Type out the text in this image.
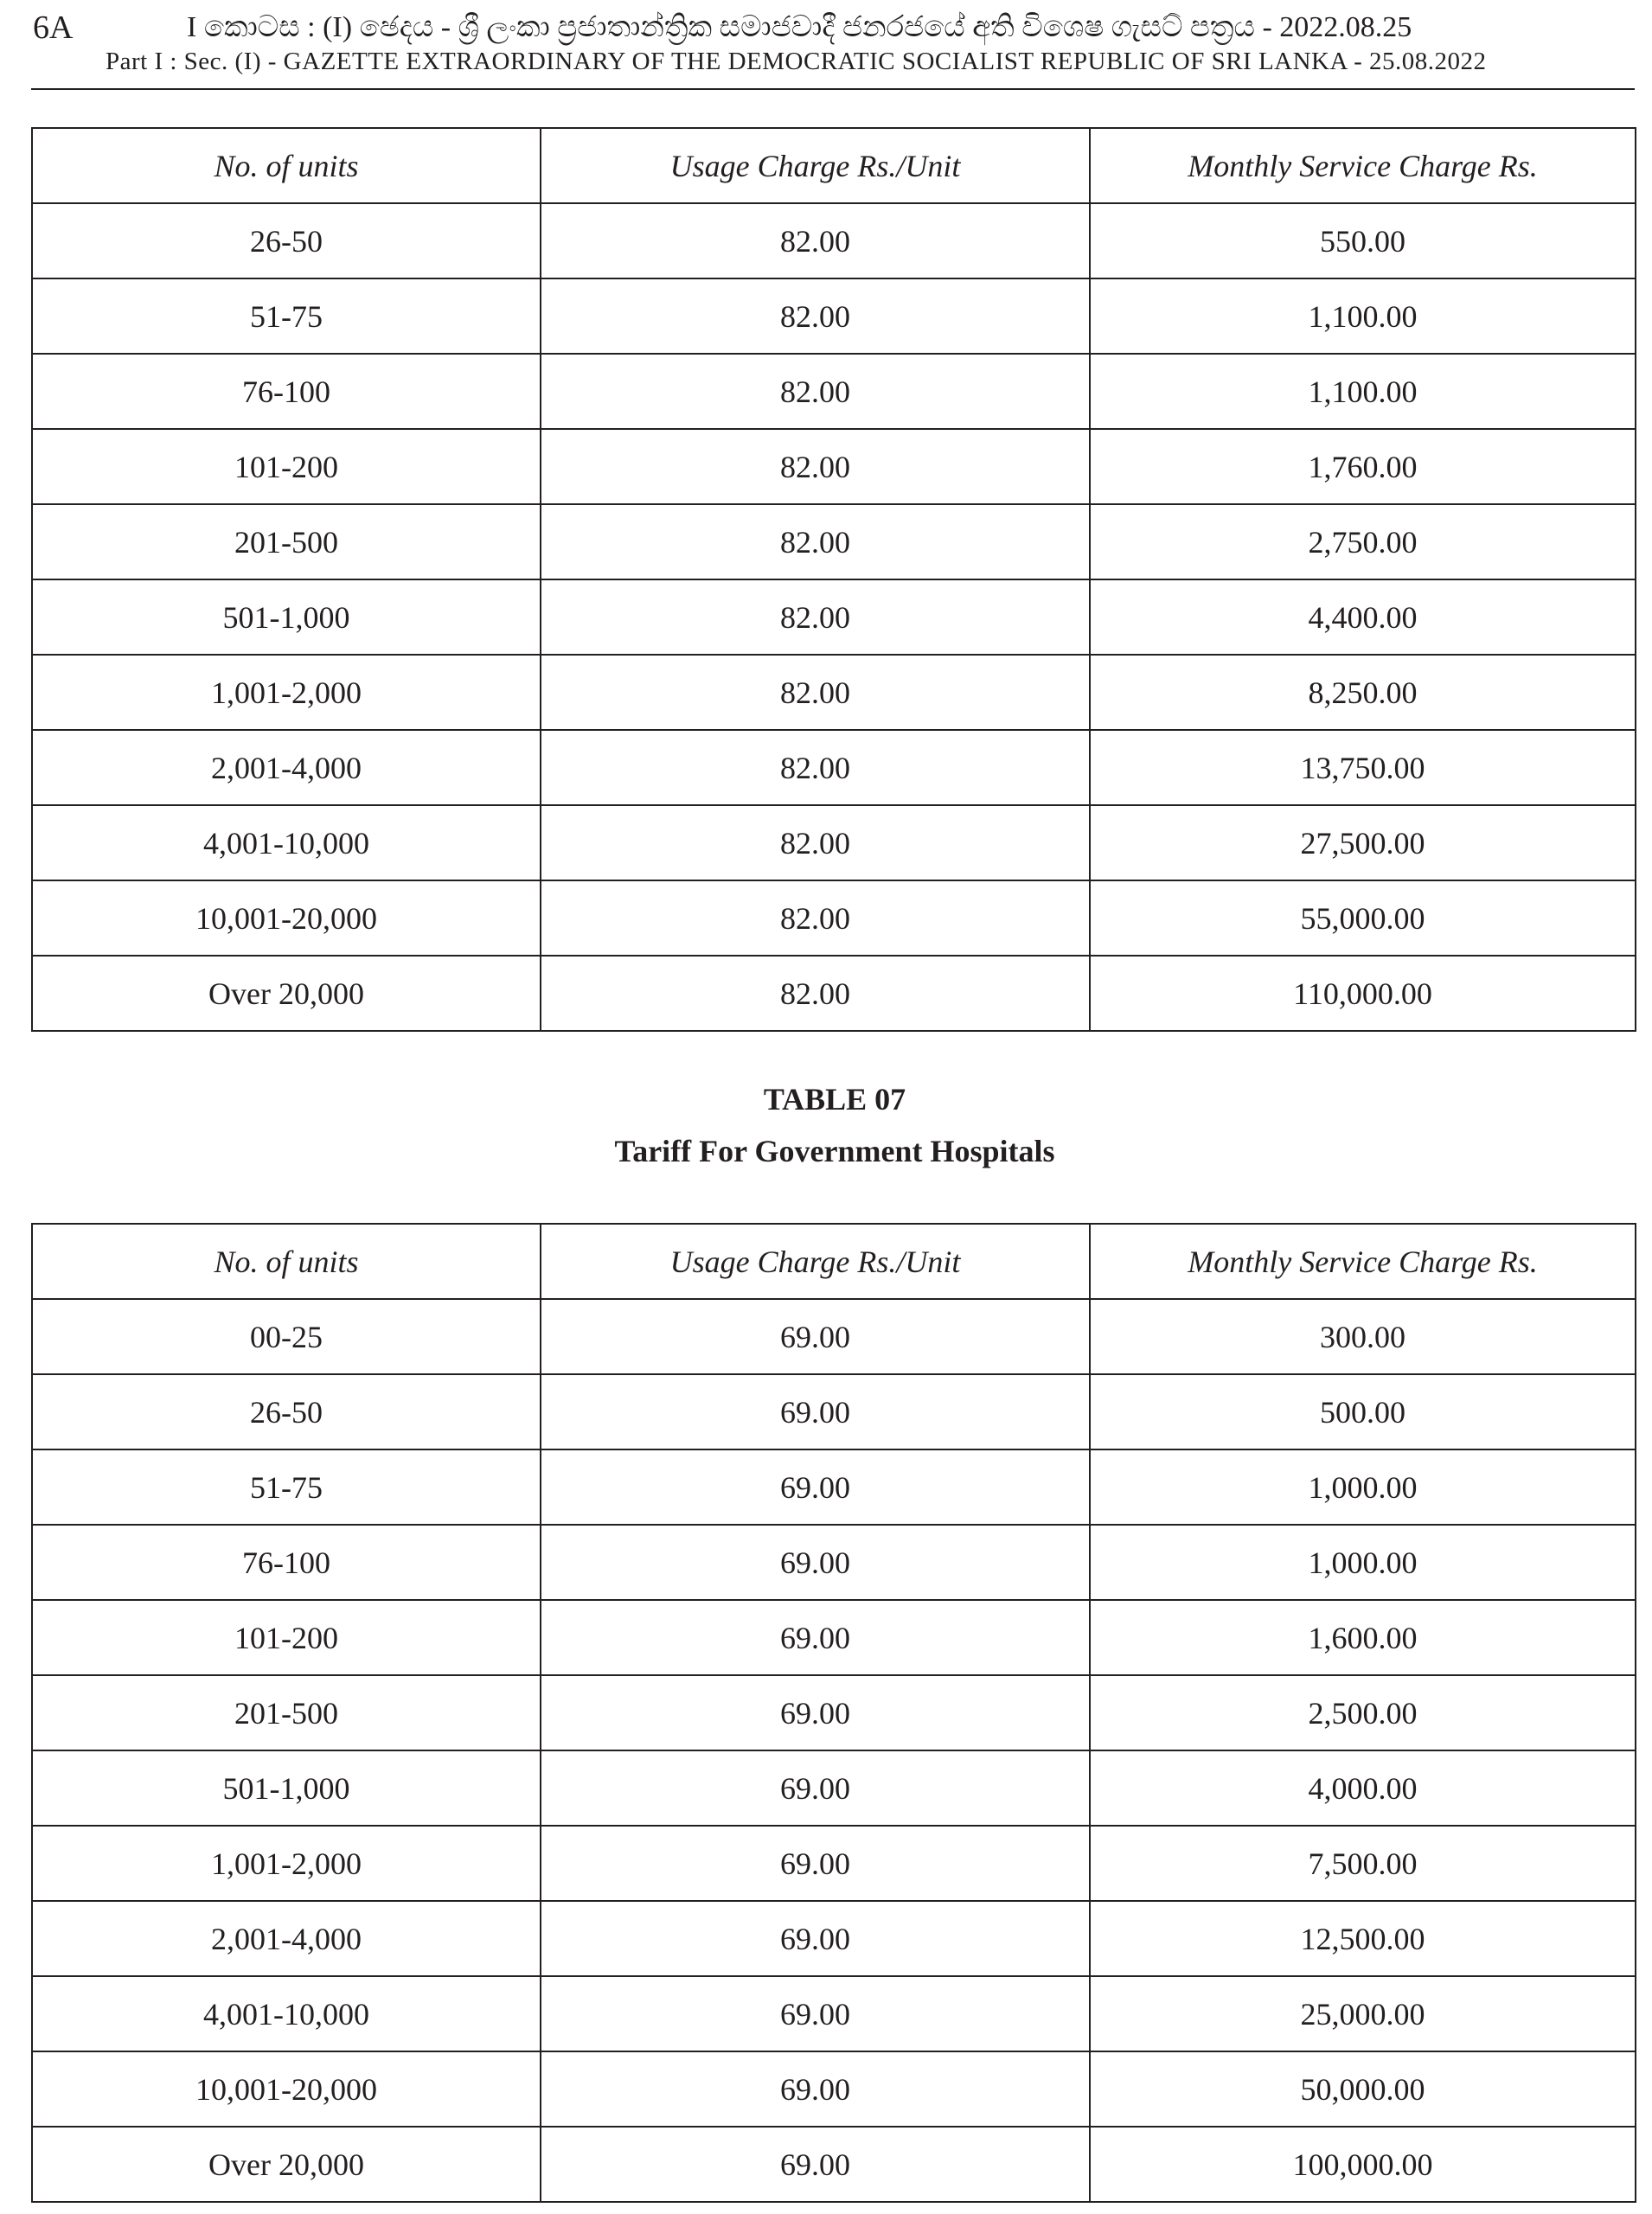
6A	I කොටස : (I) ඡෙදය - ශ්‍රී ලංකා ප්‍රජාතාන්ත්‍රික සමාජවාදී ජනරජයේ අති විශෙෂ ගැසට් පත්‍රය - 2022.08.25
Part I : Sec. (I) - GAZETTE EXTRAORDINARY OF THE DEMOCRATIC SOCIALIST REPUBLIC OF SRI LANKA - 25.08.2022
No. of units	Usage Charge Rs./Unit	Monthly Service Charge Rs.
26-50	82.00	550.00
51-75	82.00	1,100.00
76-100	82.00	1,100.00
101-200	82.00	1,760.00
201-500	82.00	2,750.00
501-1,000	82.00	4,400.00
1,001-2,000	82.00	8,250.00
2,001-4,000	82.00	13,750.00
4,001-10,000	82.00	27,500.00
10,001-20,000	82.00	55,000.00
Over 20,000	82.00	110,000.00
TABLE 07
Tariff For Government Hospitals
No. of units	Usage Charge Rs./Unit	Monthly Service Charge Rs.
00-25	69.00	300.00
26-50	69.00	500.00
51-75	69.00	1,000.00
76-100	69.00	1,000.00
101-200	69.00	1,600.00
201-500	69.00	2,500.00
501-1,000	69.00	4,000.00
1,001-2,000	69.00	7,500.00
2,001-4,000	69.00	12,500.00
4,001-10,000	69.00	25,000.00
10,001-20,000	69.00	50,000.00
Over 20,000	69.00	100,000.00
